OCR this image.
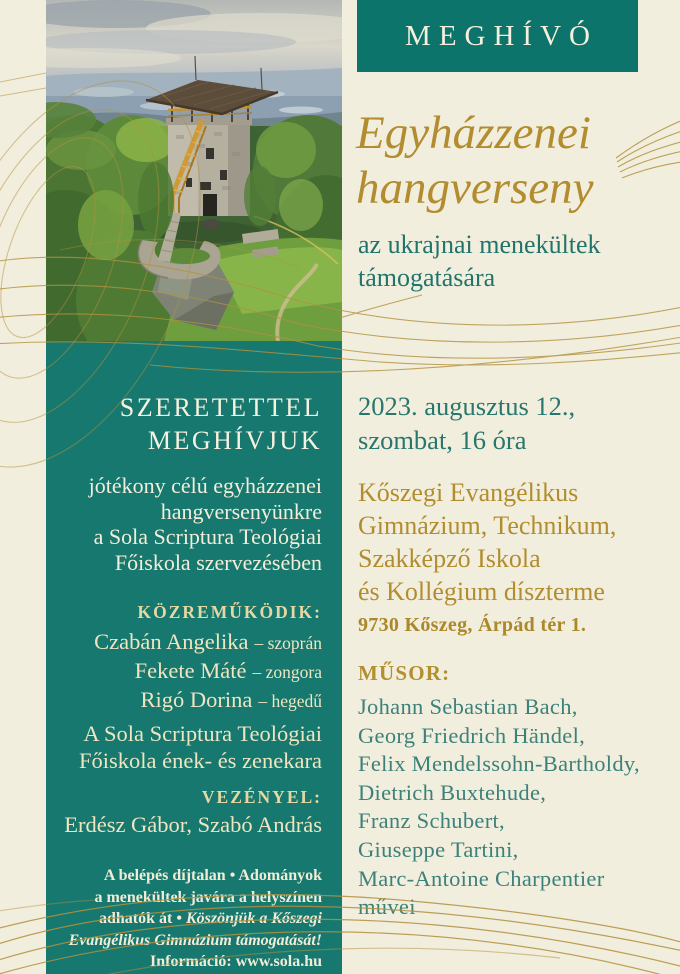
SZERETETTEL
MEGHÍVJUK
jótékony célú egyházzenei
hangversenyünkre
a Sola Scriptura Teológiai
Főiskola szervezésében
KÖZREMŰKÖDIK:
Czabán Angelika – szoprán
Fekete Máté – zongora
Rigó Dorina – hegedű
A Sola Scriptura Teológiai
Főiskola ének- és zenekara
VEZÉNYEL:
Erdész Gábor, Szabó András
A belépés díjtalan • Adományok
a menekültek javára a helyszínen
adhatók át • Köszönjük a Kőszegi
Evangélikus Gimnázium támogatását!
Információ: www.sola.hu
MEGHÍVÓ
Egyházzenei
hangverseny
az ukrajnai menekültek
támogatására
2023. augusztus 12.,
szombat, 16 óra
Kőszegi Evangélikus
Gimnázium, Technikum,
Szakképző Iskola
és Kollégium díszterme
9730 Kőszeg, Árpád tér 1.
MŰSOR:
Johann Sebastian Bach,
Georg Friedrich Händel,
Felix Mendelssohn-Bartholdy,
Dietrich Buxtehude,
Franz Schubert,
Giuseppe Tartini,
Marc-Antoine Charpentier
művei
